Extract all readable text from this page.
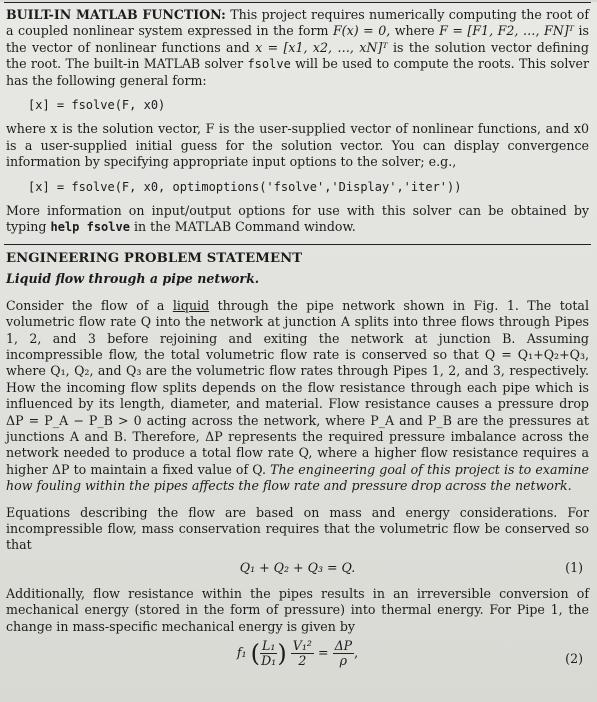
BUILT-IN MATLAB FUNCTION: This project requires numerically computing the root of a coupled nonlinear system expressed in the form F(x) = 0, where F = [F1, F2, …, FN]ᵀ is the vector of nonlinear functions and x = [x1, x2, …, xN]ᵀ is the solution vector defining the root. The built-in MATLAB solver fsolve will be used to compute the roots. This solver has the following general form:

[x] = fsolve(F, x0)

where x is the solution vector, F is the user-supplied vector of nonlinear functions, and x0 is a user-supplied initial guess for the solution vector. You can display convergence information by specifying appropriate input options to the solver; e.g.,

[x] = fsolve(F, x0, optimoptions('fsolve','Display','iter'))

More information on input/output options for use with this solver can be obtained by typing help fsolve in the MATLAB Command window.

ENGINEERING PROBLEM STATEMENT
Liquid flow through a pipe network.

Consider the flow of a liquid through the pipe network shown in Fig. 1. The total volumetric flow rate Q into the network at junction A splits into three flows through Pipes 1, 2, and 3 before rejoining and exiting the network at junction B. Assuming incompressible flow, the total volumetric flow rate is conserved so that Q = Q₁+Q₂+Q₃, where Q₁, Q₂, and Q₃ are the volumetric flow rates through Pipes 1, 2, and 3, respectively. How the incoming flow splits depends on the flow resistance through each pipe which is influenced by its length, diameter, and material. Flow resistance causes a pressure drop ΔP = P_A − P_B > 0 acting across the network, where P_A and P_B are the pressures at junctions A and B. Therefore, ΔP represents the required pressure imbalance across the network needed to produce a total flow rate Q, where a higher flow resistance requires a higher ΔP to maintain a fixed value of Q. The engineering goal of this project is to examine how fouling within the pipes affects the flow rate and pressure drop across the network.

Equations describing the flow are based on mass and energy considerations. For incompressible flow, mass conservation requires that the volumetric flow be conserved so that

Q₁ + Q₂ + Q₃ = Q.	(1)

Additionally, flow resistance within the pipes results in an irreversible conversion of mechanical energy (stored in the form of pressure) into thermal energy. For Pipe 1, the change in mass-specific mechanical energy is given by

f₁ ( $\frac{\text{L₁}}{\text{D₁}}$ ) $\frac{\text{V₁²}}{2} = \frac{\Delta P}{\rho}$ ,	(2)
